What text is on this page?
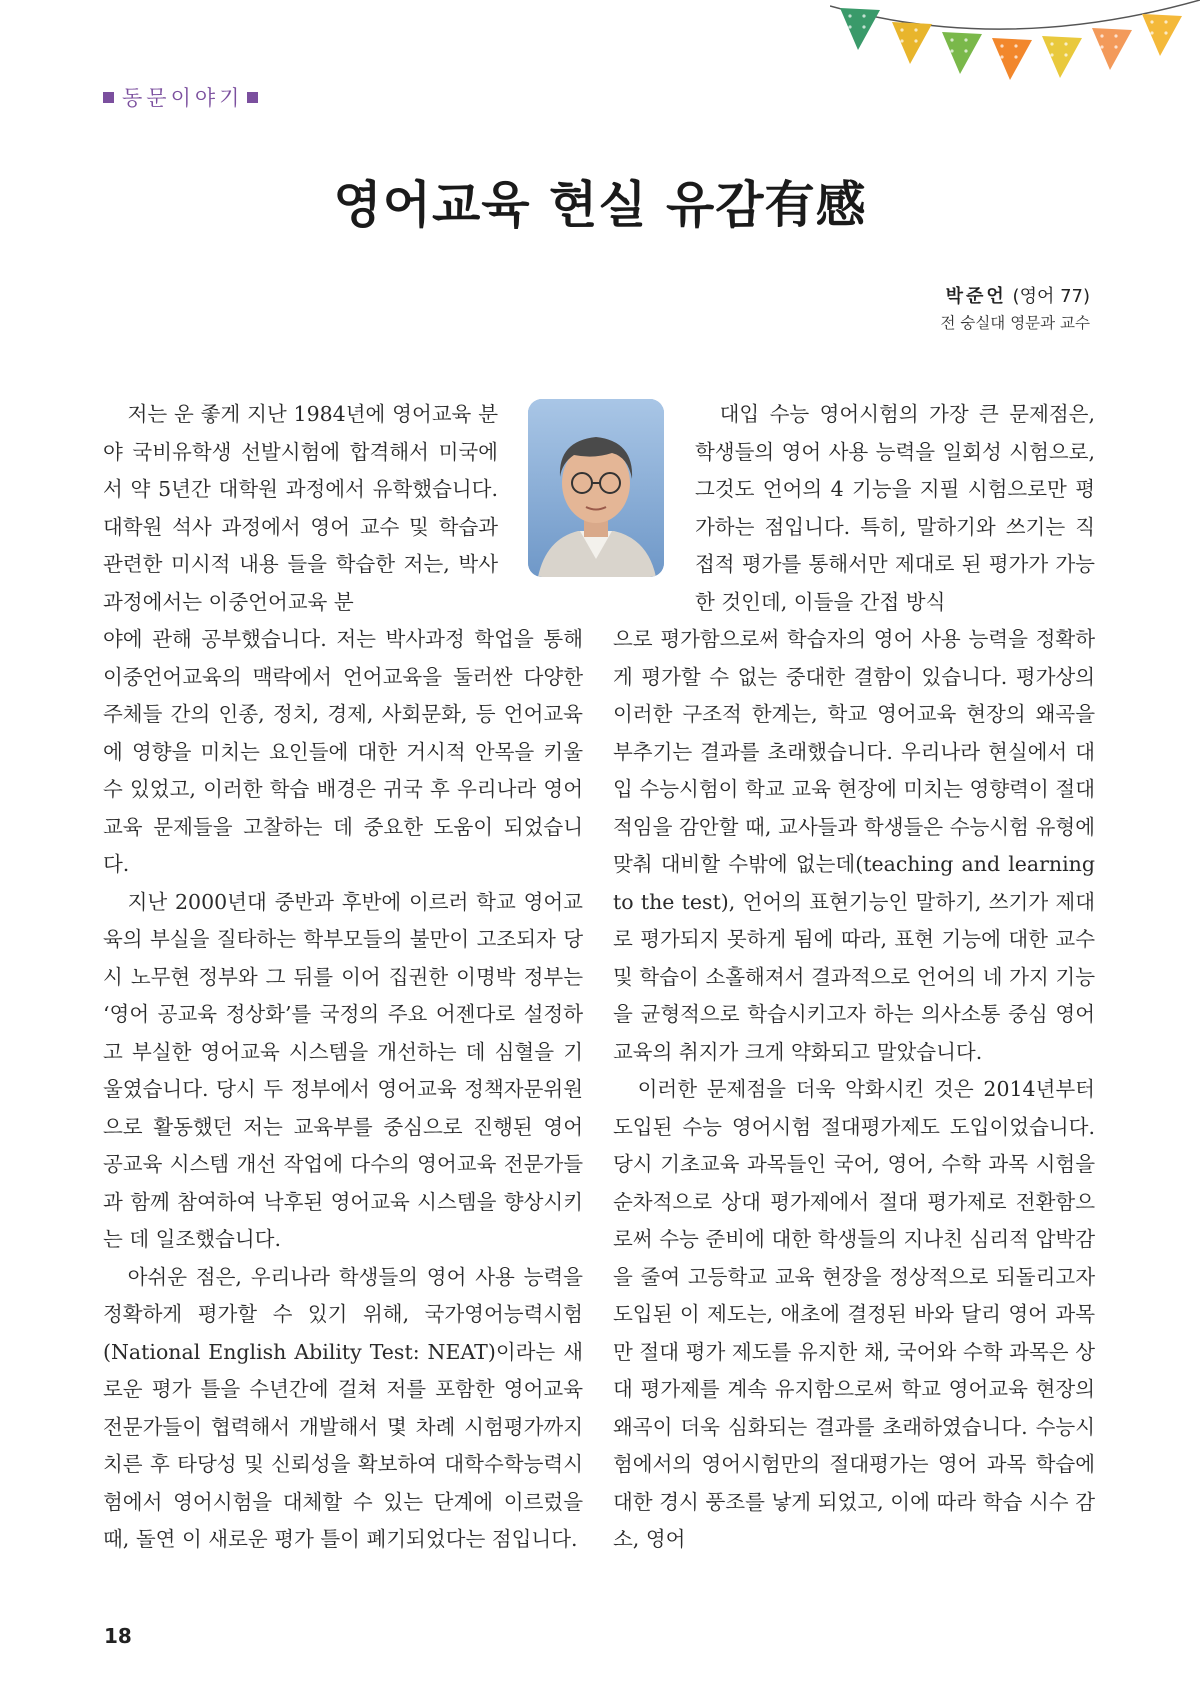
동문이야기
영어교육 현실 유감有感
박준언 (영어 77)
전 숭실대 영문과 교수

저는 운 좋게 지난 1984년에 영어교육 분야 국비유학생 선발시험에 합격해서 미국에서 약 5년간 대학원 과정에서 유학했습니다. 대학원 석사 과정에서 영어 교수 및 학습과 관련한 미시적 내용 들을 학습한 저는, 박사과정에서는 이중언어교육 분

야에 관해 공부했습니다. 저는 박사과정 학업을 통해 이중언어교육의 맥락에서 언어교육을 둘러싼 다양한 주체들 간의 인종, 정치, 경제, 사회문화, 등 언어교육에 영향을 미치는 요인들에 대한 거시적 안목을 키울 수 있었고, 이러한 학습 배경은 귀국 후 우리나라 영어교육 문제들을 고찰하는 데 중요한 도움이 되었습니다.

지난 2000년대 중반과 후반에 이르러 학교 영어교육의 부실을 질타하는 학부모들의 불만이 고조되자 당시 노무현 정부와 그 뒤를 이어 집권한 이명박 정부는 ‘영어 공교육 정상화’를 국정의 주요 어젠다로 설정하고 부실한 영어교육 시스템을 개선하는 데 심혈을 기울였습니다. 당시 두 정부에서 영어교육 정책자문위원으로 활동했던 저는 교육부를 중심으로 진행된 영어 공교육 시스템 개선 작업에 다수의 영어교육 전문가들과 함께 참여하여 낙후된 영어교육 시스템을 향상시키는 데 일조했습니다.

아쉬운 점은, 우리나라 학생들의 영어 사용 능력을 정확하게 평가할 수 있기 위해, 국가영어능력시험(National English Ability Test: NEAT)이라는 새로운 평가 틀을 수년간에 걸쳐 저를 포함한 영어교육전문가들이 협력해서 개발해서 몇 차례 시험평가까지 치른 후 타당성 및 신뢰성을 확보하여 대학수학능력시험에서 영어시험을 대체할 수 있는 단계에 이르렀을 때, 돌연 이 새로운 평가 틀이 폐기되었다는 점입니다.

대입 수능 영어시험의 가장 큰 문제점은, 학생들의 영어 사용 능력을 일회성 시험으로, 그것도 언어의 4 기능을 지필 시험으로만 평가하는 점입니다. 특히, 말하기와 쓰기는 직접적 평가를 통해서만 제대로 된 평가가 가능한 것인데, 이들을 간접 방식

으로 평가함으로써 학습자의 영어 사용 능력을 정확하게 평가할 수 없는 중대한 결함이 있습니다. 평가상의 이러한 구조적 한계는, 학교 영어교육 현장의 왜곡을 부추기는 결과를 초래했습니다. 우리나라 현실에서 대입 수능시험이 학교 교육 현장에 미치는 영향력이 절대적임을 감안할 때, 교사들과 학생들은 수능시험 유형에 맞춰 대비할 수밖에 없는데(teaching and learning to the test), 언어의 표현기능인 말하기, 쓰기가 제대로 평가되지 못하게 됨에 따라, 표현 기능에 대한 교수 및 학습이 소홀해져서 결과적으로 언어의 네 가지 기능을 균형적으로 학습시키고자 하는 의사소통 중심 영어교육의 취지가 크게 약화되고 말았습니다.

이러한 문제점을 더욱 악화시킨 것은 2014년부터 도입된 수능 영어시험 절대평가제도 도입이었습니다. 당시 기초교육 과목들인 국어, 영어, 수학 과목 시험을 순차적으로 상대 평가제에서 절대 평가제로 전환함으로써 수능 준비에 대한 학생들의 지나친 심리적 압박감을 줄여 고등학교 교육 현장을 정상적으로 되돌리고자 도입된 이 제도는, 애초에 결정된 바와 달리 영어 과목만 절대 평가 제도를 유지한 채, 국어와 수학 과목은 상대 평가제를 계속 유지함으로써 학교 영어교육 현장의 왜곡이 더욱 심화되는 결과를 초래하였습니다. 수능시험에서의 영어시험만의 절대평가는 영어 과목 학습에 대한 경시 풍조를 낳게 되었고, 이에 따라 학습 시수 감소, 영어

18
